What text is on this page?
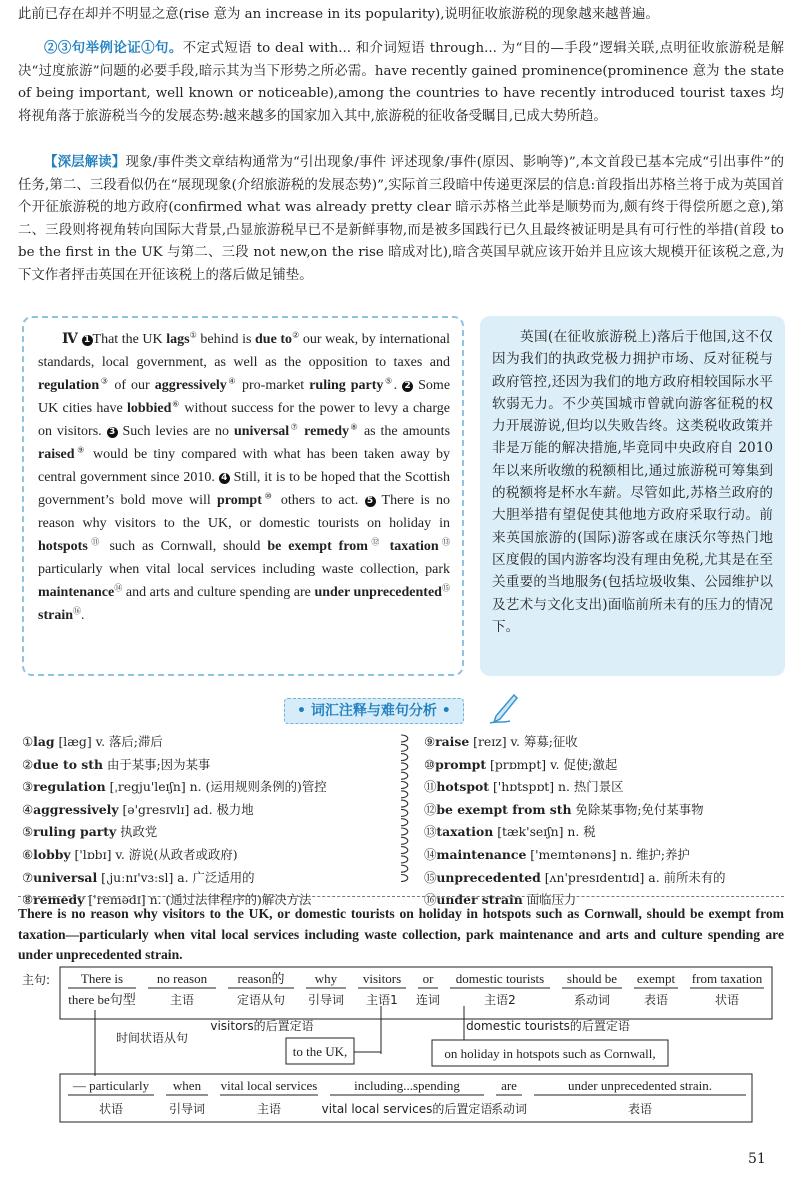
此前已存在却并不明显之意(rise 意为 an increase in its popularity),说明征收旅游税的现象越来越普遍。
②③句举例论证①句。不定式短语 to deal with... 和介词短语 through... 为“目的—手段”逻辑关联,点明征收旅游税是解决“过度旅游”问题的必要手段,暗示其为当下形势之所必需。have recently gained prominence(prominence 意为 the state of being important, well known or noticeable),among the countries to have recently introduced tourist taxes 均将视角落于旅游税当今的发展态势:越来越多的国家加入其中,旅游税的征收备受瞩目,已成大势所趋。
【深层解读】现象/事件类文章结构通常为“引出现象/事件 评述现象/事件(原因、影响等)”,本文首段已基本完成“引出事件”的任务,第二、三段看似仍在“展现现象(介绍旅游税的发展态势)”,实际首三段暗中传递更深层的信息:首段指出苏格兰将于成为英国首个开征旅游税的地方政府(confirmed what was already pretty clear 暗示苏格兰此举是顺势而为,颇有终于得偿所愿之意),第二、三段则将视角转向国际大背景,凸显旅游税早已不是新鲜事物,而是被多国践行已久且最终被证明是具有可行性的举措(首段 to be the first in the UK 与第二、三段 not new,on the rise 暗成对比),暗含英国早就应该开始并且应该大规模开征该税之意,为下文作者抨击英国在开征该税上的落后做足铺垫。
Ⅳ 1 That the UK lags① behind is due to② our weak, by international standards, local government, as well as the opposition to taxes and regulation③ of our aggressively④ pro-market ruling party⑤. 2 Some UK cities have lobbied⑥ without success for the power to levy a charge on visitors. 3 Such levies are no universal⑦ remedy⑧ as the amounts raised⑨ would be tiny compared with what has been taken away by central government since 2010. 4 Still, it is to be hoped that the Scottish government’s bold move will prompt⑩ others to act. 5 There is no reason why visitors to the UK, or domestic tourists on holiday in hotspots⑪ such as Cornwall, should be exempt from⑫ taxation⑬ particularly when vital local services including waste collection, park maintenance⑭ and arts and culture spending are under unprecedented⑮ strain⑯.
英国(在征收旅游税上)落后于他国,这不仅因为我们的执政党极力拥护市场、反对征税与政府管控,还因为我们的地方政府相较国际水平软弱无力。不少英国城市曾就向游客征税的权力开展游说,但均以失败告终。这类税收政策并非是万能的解决措施,毕竟同中央政府自 2010 年以来所收缴的税额相比,通过旅游税可筹集到的税额将是杯水车薪。尽管如此,苏格兰政府的大胆举措有望促使其他地方政府采取行动。前来英国旅游的(国际)游客或在康沃尔等热门地区度假的国内游客均没有理由免税,尤其是在至关重要的当地服务(包括垃圾收集、公园维护以及艺术与文化支出)面临前所未有的压力的情况下。
• 词汇注释与难句分析 •
①lag [læg] v. 落后;滞后
②due to sth 由于某事;因为某事
③regulation [ˌregju'leɪʃn] n. (运用规则条例的)管控
④aggressively [ə'gresɪvlɪ] ad. 极力地
⑤ruling party 执政党
⑥lobby ['lɒbɪ] v. 游说(从政者或政府)
⑦universal [ˌjuːnɪ'vɜːsl] a. 广泛适用的
⑧remedy ['remədɪ] n. (通过法律程序的)解决方法
⑨raise [reɪz] v. 筹募;征收
⑩prompt [prɒmpt] v. 促使;激起
⑪hotspot ['hɒtspɒt] n. 热门景区
⑫be exempt from sth 免除某事物;免付某事物
⑬taxation [tæk'seɪʃn] n. 税
⑭maintenance ['meɪntənəns] n. 维护;养护
⑮unprecedented [ʌn'presɪdentɪd] a. 前所未有的
⑯under strain 面临压力
There is no reason why visitors to the UK, or domestic tourists on holiday in hotspots such as Cornwall, should be exempt from taxation—particularly when vital local services including waste collection, park maintenance and arts and culture spending are under unprecedented strain.
主句: There is
there be句型
no reason
主语
reason的
定语从句
why
引导词
visitors
主语1
or
连词
domestic tourists
主语2
should be
系动词
exempt
表语
from taxation
状语
visitors的后置定语
to the UK,
domestic tourists的后置定语
on holiday in hotspots such as Cornwall,
时间状语从句
— particularly
状语
when
引导词
vital local services
主语
including...spending
vital local services的后置定语
are
系动词
under unprecedented strain.
表语
51
